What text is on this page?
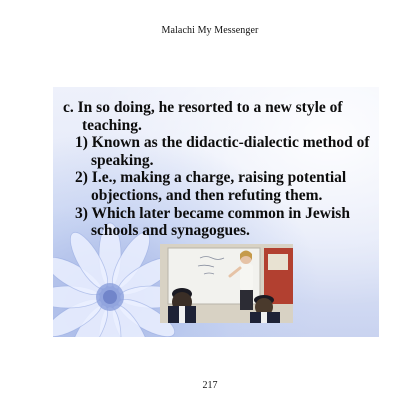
Malachi My Messenger
c. In so doing, he resorted to a new style of
teaching.
1) Known as the didactic-dialectic method of
speaking.
2) I.e., making a charge, raising potential
objections, and then refuting them.
3) Which later became common in Jewish
schools and synagogues.
217
